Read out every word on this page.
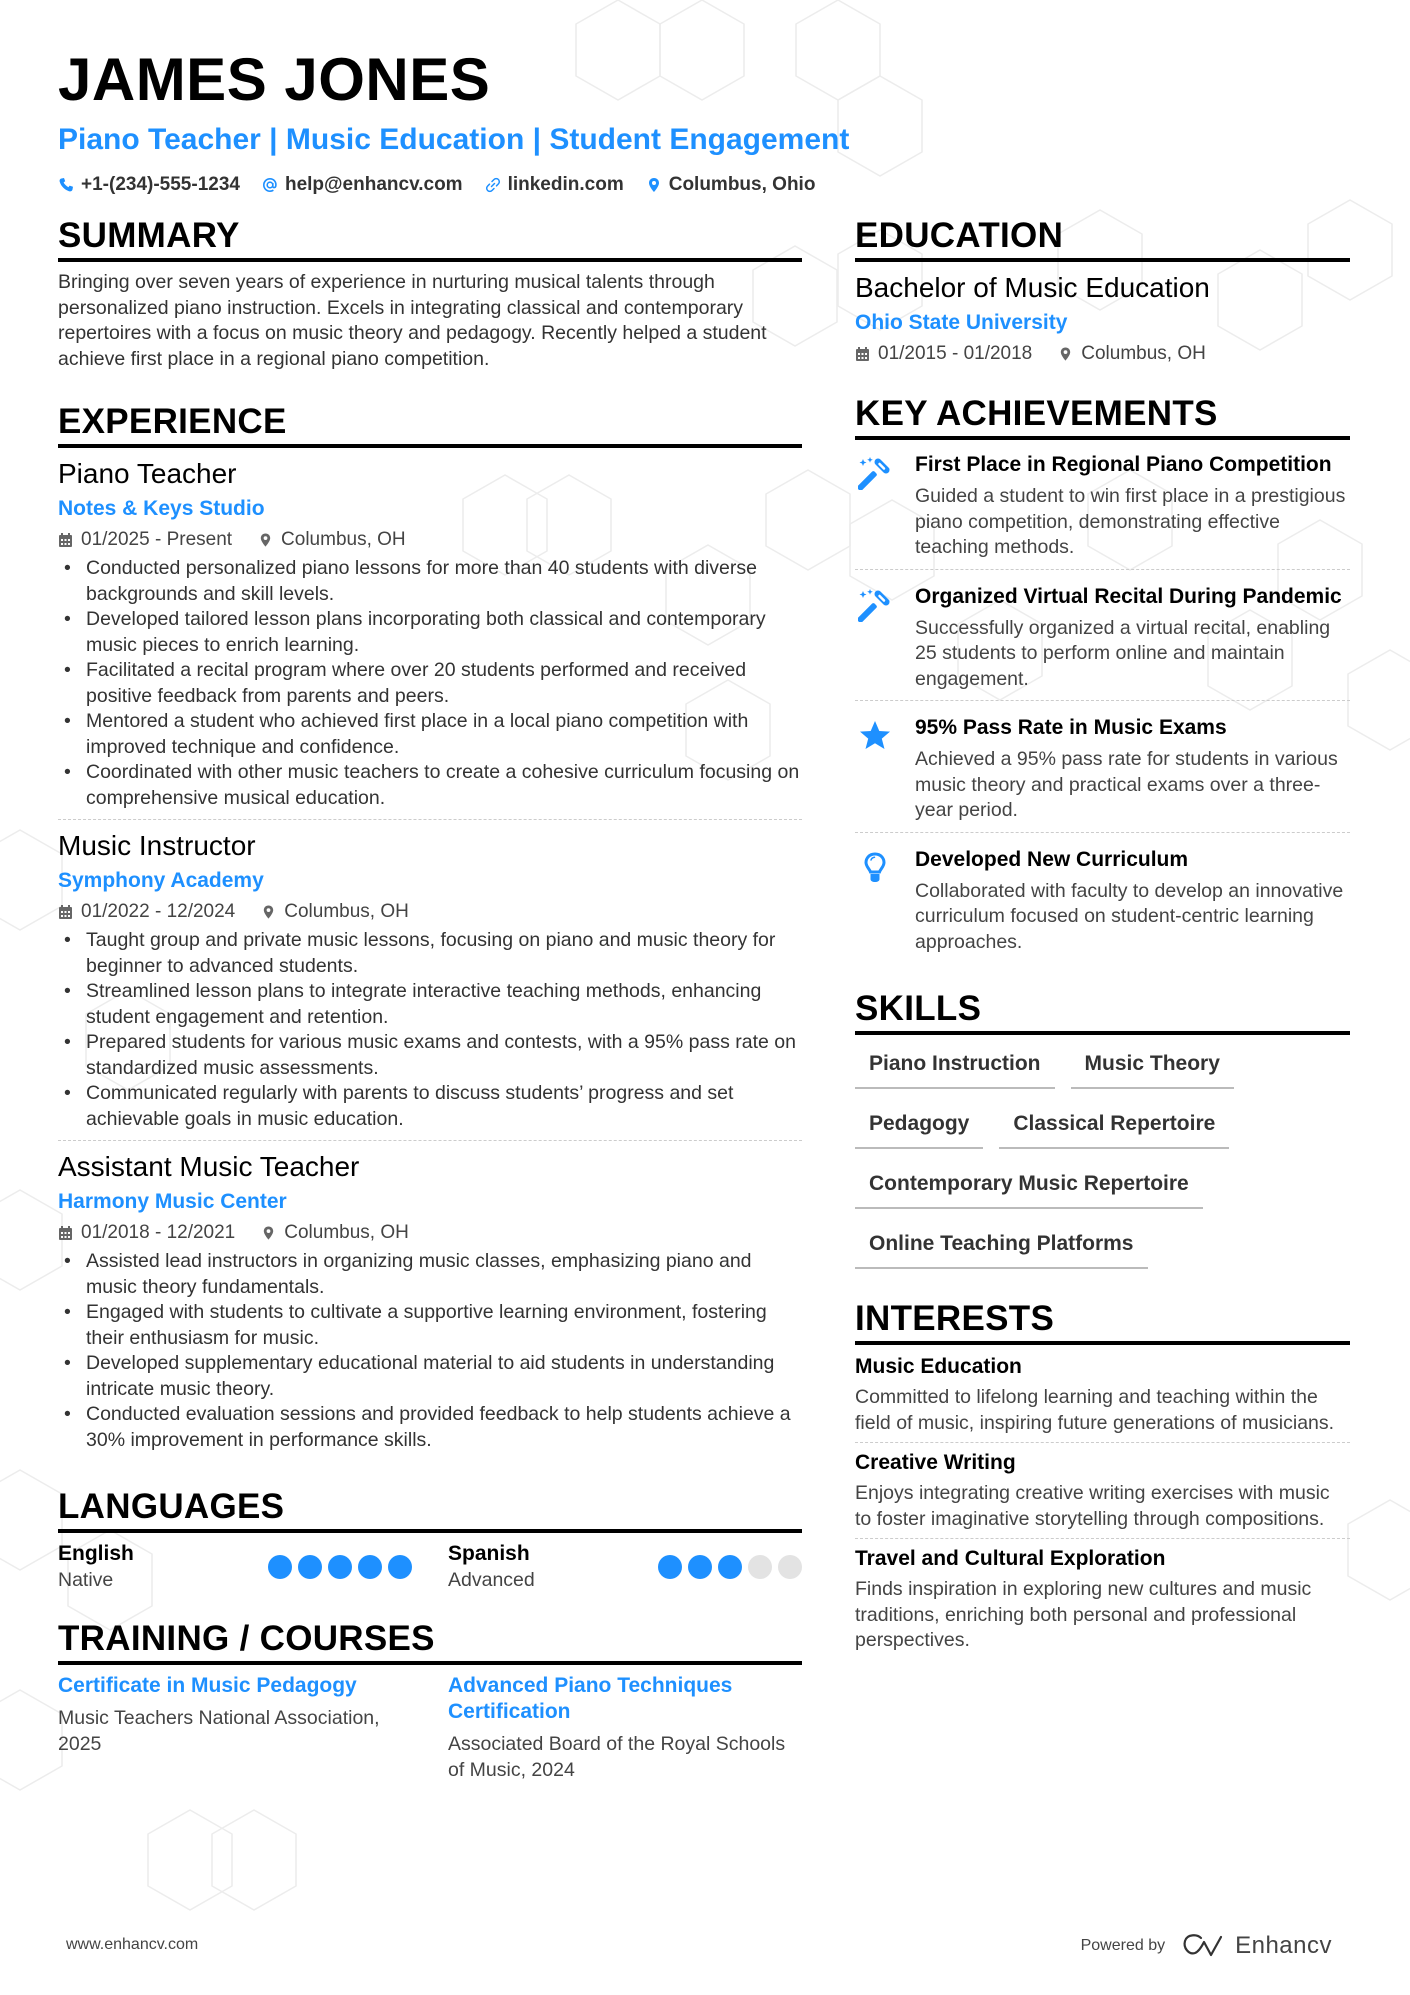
JAMES JONES
Piano Teacher | Music Education | Student Engagement
+1-(234)-555-1234 help@enhancv.com linkedin.com Columbus, Ohio
SUMMARY

Bringing over seven years of experience in nurturing musical talents through personalized piano instruction. Excels in integrating classical and contemporary repertoires with a focus on music theory and pedagogy. Recently helped a student achieve first place in a regional piano competition.

EXPERIENCE
Piano Teacher
Notes & Keys Studio
01/2025 - Present	Columbus, OH
• Conducted personalized piano lessons for more than 40 students with diverse backgrounds and skill levels.
• Developed tailored lesson plans incorporating both classical and contemporary music pieces to enrich learning.
• Facilitated a recital program where over 20 students performed and received positive feedback from parents and peers.
• Mentored a student who achieved first place in a local piano competition with improved technique and confidence.
• Coordinated with other music teachers to create a cohesive curriculum focusing on comprehensive musical education.
Music Instructor
Symphony Academy
01/2022 - 12/2024	Columbus, OH
• Taught group and private music lessons, focusing on piano and music theory for beginner to advanced students.
• Streamlined lesson plans to integrate interactive teaching methods, enhancing student engagement and retention.
• Prepared students for various music exams and contests, with a 95% pass rate on standardized music assessments.
• Communicated regularly with parents to discuss students’ progress and set achievable goals in music education.
Assistant Music Teacher
Harmony Music Center
01/2018 - 12/2021	Columbus, OH
• Assisted lead instructors in organizing music classes, emphasizing piano and music theory fundamentals.
• Engaged with students to cultivate a supportive learning environment, fostering their enthusiasm for music.
• Developed supplementary educational material to aid students in understanding intricate music theory.
• Conducted evaluation sessions and provided feedback to help students achieve a 30% improvement in performance skills.
LANGUAGES
English
Native
Spanish
Advanced
TRAINING / COURSES
Certificate in Music Pedagogy
Music Teachers National Association, 2025
Advanced Piano Techniques Certification
Associated Board of the Royal Schools of Music, 2024
EDUCATION
Bachelor of Music Education
Ohio State University
01/2015 - 01/2018	Columbus, OH
KEY ACHIEVEMENTS
First Place in Regional Piano Competition
Guided a student to win first place in a prestigious piano competition, demonstrating effective teaching methods.
Organized Virtual Recital During Pandemic
Successfully organized a virtual recital, enabling 25 students to perform online and maintain engagement.
95% Pass Rate in Music Exams
Achieved a 95% pass rate for students in various music theory and practical exams over a three-year period.
Developed New Curriculum
Collaborated with faculty to develop an innovative curriculum focused on student-centric learning approaches.
SKILLS
Piano Instruction	Music Theory
Pedagogy	Classical Repertoire
Contemporary Music Repertoire
Online Teaching Platforms
INTERESTS
Music Education
Committed to lifelong learning and teaching within the field of music, inspiring future generations of musicians.
Creative Writing
Enjoys integrating creative writing exercises with music to foster imaginative storytelling through compositions.
Travel and Cultural Exploration
Finds inspiration in exploring new cultures and music traditions, enriching both personal and professional perspectives.
www.enhancv.com	Powered by	Enhancv
